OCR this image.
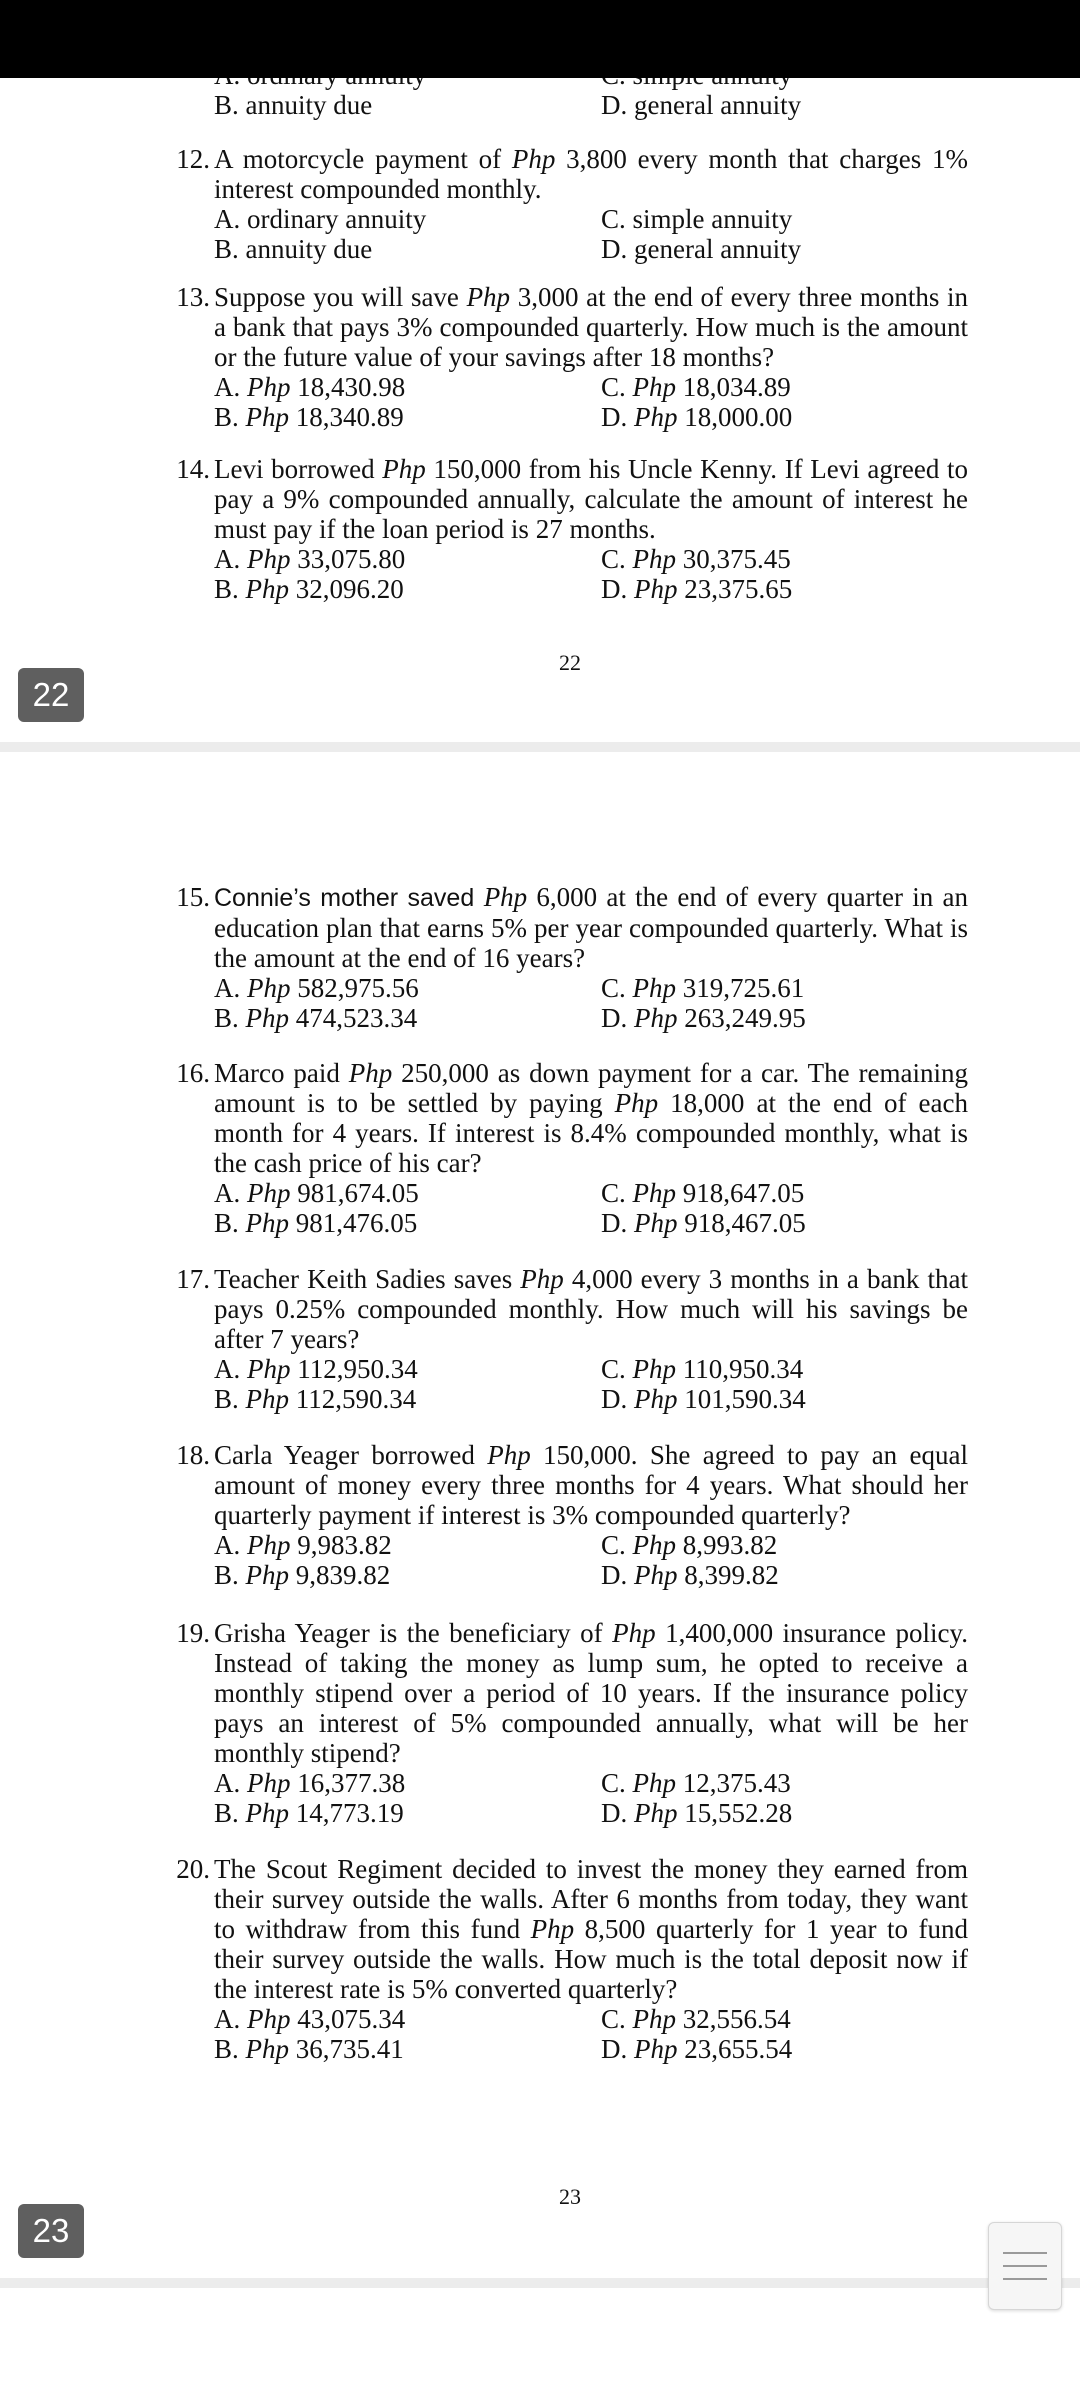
B. annuity due	D. general annuity
12. A motorcycle payment of Php 3,800 every month that charges 1% interest compounded monthly.
A. ordinary annuity	C. simple annuity
B. annuity due	D. general annuity
13. Suppose you will save Php 3,000 at the end of every three months in a bank that pays 3% compounded quarterly. How much is the amount or the future value of your savings after 18 months?
A. Php 18,430.98	C. Php 18,034.89
B. Php 18,340.89	D. Php 18,000.00
14. Levi borrowed Php 150,000 from his Uncle Kenny. If Levi agreed to pay a 9% compounded annually, calculate the amount of interest he must pay if the loan period is 27 months.
A. Php 33,075.80	C. Php 30,375.45
B. Php 32,096.20	D. Php 23,375.65
22
22
15. Connie’s mother saved Php 6,000 at the end of every quarter in an education plan that earns 5% per year compounded quarterly. What is the amount at the end of 16 years?
A. Php 582,975.56	C. Php 319,725.61
B. Php 474,523.34	D. Php 263,249.95
16. Marco paid Php 250,000 as down payment for a car. The remaining amount is to be settled by paying Php 18,000 at the end of each month for 4 years. If interest is 8.4% compounded monthly, what is the cash price of his car?
A. Php 981,674.05	C. Php 918,647.05
B. Php 981,476.05	D. Php 918,467.05
17. Teacher Keith Sadies saves Php 4,000 every 3 months in a bank that pays 0.25% compounded monthly. How much will his savings be after 7 years?
A. Php 112,950.34	C. Php 110,950.34
B. Php 112,590.34	D. Php 101,590.34
18. Carla Yeager borrowed Php 150,000. She agreed to pay an equal amount of money every three months for 4 years. What should her quarterly payment if interest is 3% compounded quarterly?
A. Php 9,983.82	C. Php 8,993.82
B. Php 9,839.82	D. Php 8,399.82
19. Grisha Yeager is the beneficiary of Php 1,400,000 insurance policy. Instead of taking the money as lump sum, he opted to receive a monthly stipend over a period of 10 years. If the insurance policy pays an interest of 5% compounded annually, what will be her monthly stipend?
A. Php 16,377.38	C. Php 12,375.43
B. Php 14,773.19	D. Php 15,552.28
20. The Scout Regiment decided to invest the money they earned from their survey outside the walls. After 6 months from today, they want to withdraw from this fund Php 8,500 quarterly for 1 year to fund their survey outside the walls. How much is the total deposit now if the interest rate is 5% converted quarterly?
A. Php 43,075.34	C. Php 32,556.54
B. Php 36,735.41	D. Php 23,655.54
23
23
